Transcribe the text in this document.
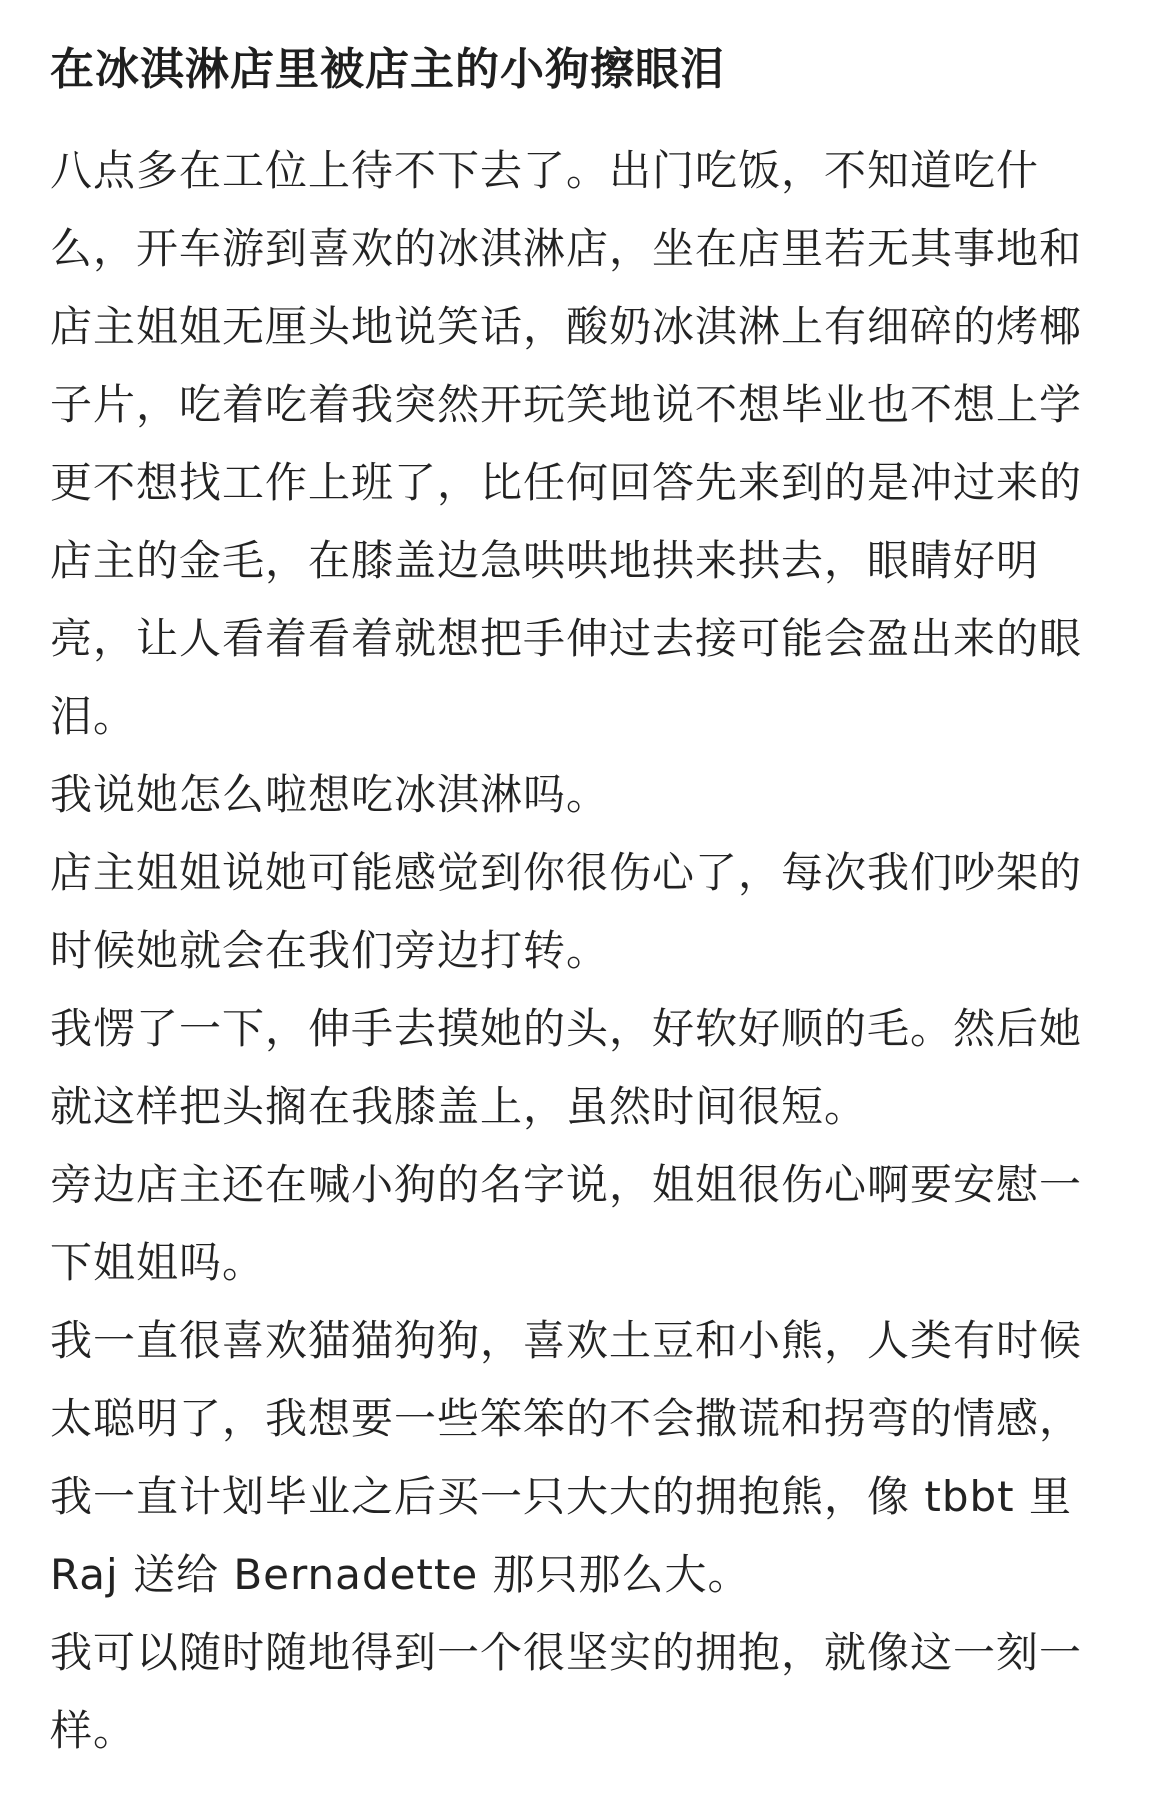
在冰淇淋店里被店主的小狗擦眼泪

八点多在工位上待不下去了。出门吃饭，不知道吃什么，开车游到喜欢的冰淇淋店，坐在店里若无其事地和店主姐姐无厘头地说笑话，酸奶冰淇淋上有细碎的烤椰子片，吃着吃着我突然开玩笑地说不想毕业也不想上学更不想找工作上班了，比任何回答先来到的是冲过来的店主的金毛，在膝盖边急哄哄地拱来拱去，眼睛好明亮，让人看着看着就想把手伸过去接可能会盈出来的眼泪。

我说她怎么啦想吃冰淇淋吗。

店主姐姐说她可能感觉到你很伤心了，每次我们吵架的时候她就会在我们旁边打转。

我愣了一下，伸手去摸她的头，好软好顺的毛。然后她就这样把头搁在我膝盖上，虽然时间很短。

旁边店主还在喊小狗的名字说，姐姐很伤心啊要安慰一下姐姐吗。

我一直很喜欢猫猫狗狗，喜欢土豆和小熊，人类有时候太聪明了，我想要一些笨笨的不会撒谎和拐弯的情感，我一直计划毕业之后买一只大大的拥抱熊，像 tbbt 里 Raj 送给 Bernadette 那只那么大。

我可以随时随地得到一个很坚实的拥抱，就像这一刻一样。
